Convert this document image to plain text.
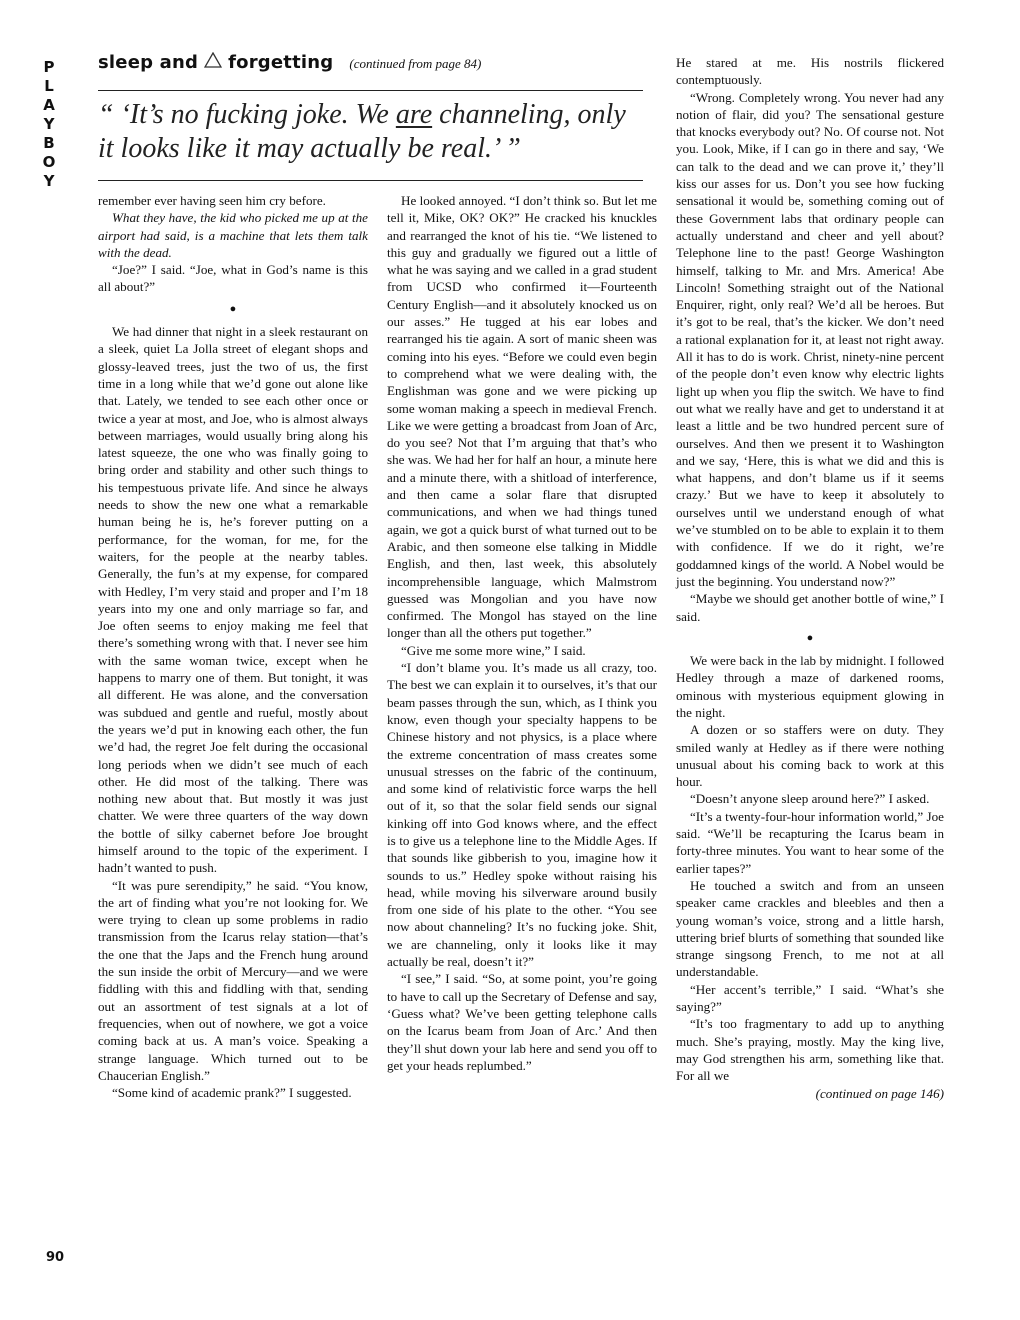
P
L
A
Y
B
O
Y
sleep and forgetting (continued from page 84)
“ ‘It’s no fucking joke. We are channeling, only it looks like it may actually be real.’ ”

remember ever having seen him cry before.

What they have, the kid who picked me up at the airport had said, is a machine that lets them talk with the dead.

“Joe?” I said. “Joe, what in God’s name is this all about?”

●

We had dinner that night in a sleek restaurant on a sleek, quiet La Jolla street of elegant shops and glossy-leaved trees, just the two of us, the first time in a long while that we’d gone out alone like that. Lately, we tended to see each other once or twice a year at most, and Joe, who is almost always between marriages, would usually bring along his latest squeeze, the one who was finally going to bring order and stability and other such things to his tempestuous private life. And since he always needs to show the new one what a remarkable human being he is, he’s forever putting on a performance, for the woman, for me, for the waiters, for the people at the nearby tables. Generally, the fun’s at my expense, for compared with Hedley, I’m very staid and proper and I’m 18 years into my one and only marriage so far, and Joe often seems to enjoy making me feel that there’s something wrong with that. I never see him with the same woman twice, except when he happens to marry one of them. But tonight, it was all different. He was alone, and the conversation was subdued and gentle and rueful, mostly about the years we’d put in knowing each other, the fun we’d had, the regret Joe felt during the occasional long periods when we didn’t see much of each other. He did most of the talking. There was nothing new about that. But mostly it was just chatter. We were three quarters of the way down the bottle of silky cabernet before Joe brought himself around to the topic of the experiment. I hadn’t wanted to push.

“It was pure serendipity,” he said. “You know, the art of finding what you’re not looking for. We were trying to clean up some problems in radio transmission from the Icarus relay station—that’s the one that the Japs and the French hung around the sun inside the orbit of Mercury—and we were fiddling with this and fiddling with that, sending out an assortment of test signals at a lot of frequencies, when out of nowhere, we got a voice coming back at us. A man’s voice. Speaking a strange language. Which turned out to be Chaucerian English.”

“Some kind of academic prank?” I suggested.

He looked annoyed. “I don’t think so. But let me tell it, Mike, OK? OK?” He cracked his knuckles and rearranged the knot of his tie. “We listened to this guy and gradually we figured out a little of what he was saying and we called in a grad student from UCSD who confirmed it—Fourteenth Century English—and it absolutely knocked us on our asses.” He tugged at his ear lobes and rearranged his tie again. A sort of manic sheen was coming into his eyes. “Before we could even begin to comprehend what we were dealing with, the Englishman was gone and we were picking up some woman making a speech in medieval French. Like we were getting a broadcast from Joan of Arc, do you see? Not that I’m arguing that that’s who she was. We had her for half an hour, a minute here and a minute there, with a shitload of interference, and then came a solar flare that disrupted communications, and when we had things tuned again, we got a quick burst of what turned out to be Arabic, and then someone else talking in Middle English, and then, last week, this absolutely incomprehensible language, which Malmstrom guessed was Mongolian and you have now confirmed. The Mongol has stayed on the line longer than all the others put together.”

“Give me some more wine,” I said.

“I don’t blame you. It’s made us all crazy, too. The best we can explain it to ourselves, it’s that our beam passes through the sun, which, as I think you know, even though your specialty happens to be Chinese history and not physics, is a place where the extreme concentration of mass creates some unusual stresses on the fabric of the continuum, and some kind of relativistic force warps the hell out of it, so that the solar field sends our signal kinking off into God knows where, and the effect is to give us a telephone line to the Middle Ages. If that sounds like gibberish to you, imagine how it sounds to us.” Hedley spoke without raising his head, while moving his silverware around busily from one side of his plate to the other. “You see now about channeling? It’s no fucking joke. Shit, we are channeling, only it looks like it may actually be real, doesn’t it?”

“I see,” I said. “So, at some point, you’re going to have to call up the Secretary of Defense and say, ‘Guess what? We’ve been getting telephone calls on the Icarus beam from Joan of Arc.’ And then they’ll shut down your lab here and send you off to get your heads replumbed.”

He stared at me. His nostrils flickered contemptuously.

“Wrong. Completely wrong. You never had any notion of flair, did you? The sensational gesture that knocks everybody out? No. Of course not. Not you. Look, Mike, if I can go in there and say, ‘We can talk to the dead and we can prove it,’ they’ll kiss our asses for us. Don’t you see how fucking sensational it would be, something coming out of these Government labs that ordinary people can actually understand and cheer and yell about? Telephone line to the past! George Washington himself, talking to Mr. and Mrs. America! Abe Lincoln! Something straight out of the National Enquirer, right, only real? We’d all be heroes. But it’s got to be real, that’s the kicker. We don’t need a rational explanation for it, at least not right away. All it has to do is work. Christ, ninety-nine percent of the people don’t even know why electric lights light up when you flip the switch. We have to find out what we really have and get to understand it at least a little and be two hundred percent sure of ourselves. And then we present it to Washington and we say, ‘Here, this is what we did and this is what happens, and don’t blame us if it seems crazy.’ But we have to keep it absolutely to ourselves until we understand enough of what we’ve stumbled on to be able to explain it to them with confidence. If we do it right, we’re goddamned kings of the world. A Nobel would be just the beginning. You understand now?”

“Maybe we should get another bottle of wine,” I said.

●

We were back in the lab by midnight. I followed Hedley through a maze of darkened rooms, ominous with mysterious equipment glowing in the night.

A dozen or so staffers were on duty. They smiled wanly at Hedley as if there were nothing unusual about his coming back to work at this hour.

“Doesn’t anyone sleep around here?” I asked.

“It’s a twenty-four-hour information world,” Joe said. “We’ll be recapturing the Icarus beam in forty-three minutes. You want to hear some of the earlier tapes?”

He touched a switch and from an unseen speaker came crackles and bleebles and then a young woman’s voice, strong and a little harsh, uttering brief blurts of something that sounded like strange singsong French, to me not at all understandable.

“Her accent’s terrible,” I said. “What’s she saying?”

“It’s too fragmentary to add up to anything much. She’s praying, mostly. May the king live, may God strengthen his arm, something like that. For all we

(continued on page 146)

90
